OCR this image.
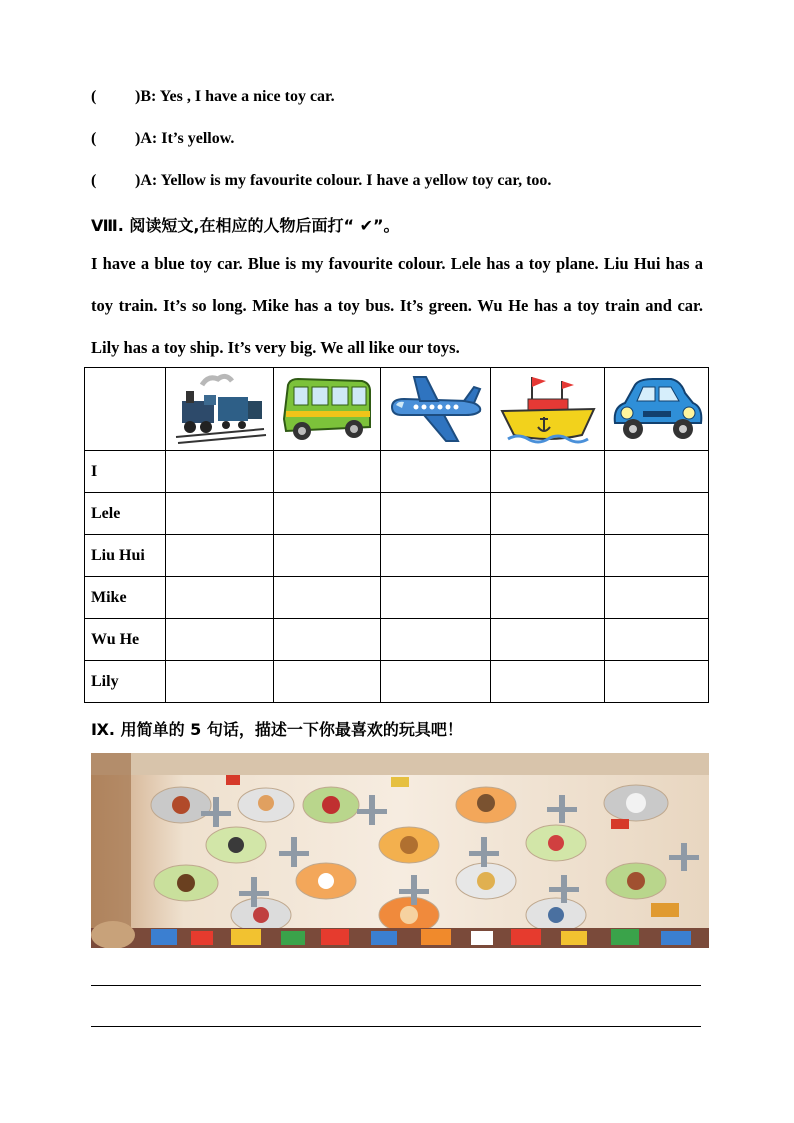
( )B: Yes , I have a nice toy car.
( )A: It’s yellow.
( )A: Yellow is my favourite colour. I have a yellow toy car, too.
Ⅷ. 阅读短文,在相应的人物后面打“ ✔”。
I have a blue toy car. Blue is my favourite colour. Lele has a toy plane. Liu Hui has a toy train. It’s so long. Mike has a toy bus. It’s green. Wu He has a toy train and car. Lily has a toy ship. It’s very big. We all like our toys.

I					
Lele					
Liu Hui					
Mike					
Wu He					
Lily					
Ⅸ. 用简单的 5 句话，描述一下你最喜欢的玩具吧！
